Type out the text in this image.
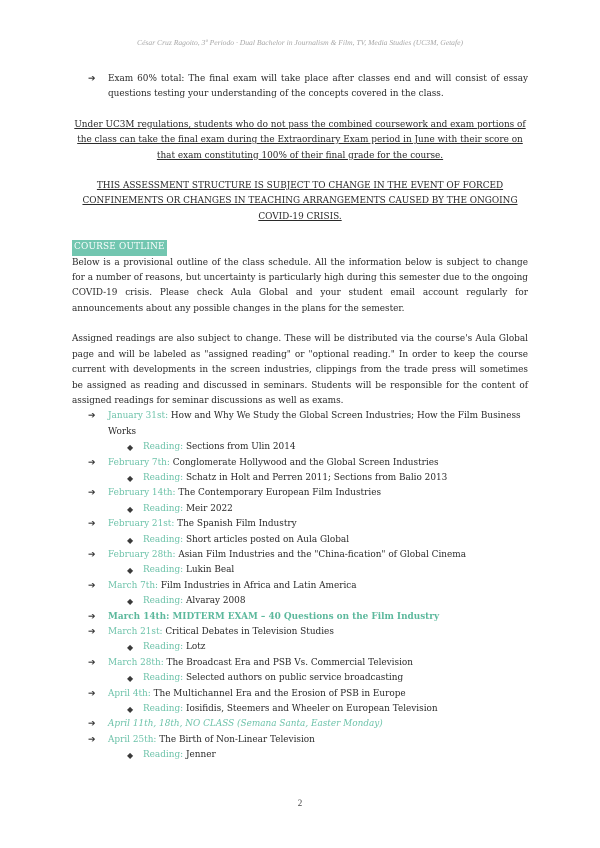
César Cruz Ragoito, 3º Periodo · Dual Bachelor in Journalism & Film, TV, Media Studies (UC3M, Getafe)
➔ Exam 60% total: The final exam will take place after classes end and will consist of essay questions testing your understanding of the concepts covered in the class.
Under UC3M regulations, students who do not pass the combined coursework and exam portions of the class can take the final exam during the Extraordinary Exam period in June with their score on that exam constituting 100% of their final grade for the course.
THIS ASSESSMENT STRUCTURE IS SUBJECT TO CHANGE IN THE EVENT OF FORCED CONFINEMENTS OR CHANGES IN TEACHING ARRANGEMENTS CAUSED BY THE ONGOING COVID-19 CRISIS.
COURSE OUTLINE
Below is a provisional outline of the class schedule. All the information below is subject to change for a number of reasons, but uncertainty is particularly high during this semester due to the ongoing COVID-19 crisis. Please check Aula Global and your student email account regularly for announcements about any possible changes in the plans for the semester.
Assigned readings are also subject to change. These will be distributed via the course's Aula Global page and will be labeled as "assigned reading" or "optional reading." In order to keep the course current with developments in the screen industries, clippings from the trade press will sometimes be assigned as reading and discussed in seminars. Students will be responsible for the content of assigned readings for seminar discussions as well as exams.
➔ January 31st: How and Why We Study the Global Screen Industries; How the Film Business Works
◆ Reading: Sections from Ulin 2014
➔ February 7th: Conglomerate Hollywood and the Global Screen Industries
◆ Reading: Schatz in Holt and Perren 2011; Sections from Balio 2013
➔ February 14th: The Contemporary European Film Industries
◆ Reading: Meir 2022
➔ February 21st: The Spanish Film Industry
◆ Reading: Short articles posted on Aula Global
➔ February 28th: Asian Film Industries and the "China-fication" of Global Cinema
◆ Reading: Lukin Beal
➔ March 7th: Film Industries in Africa and Latin America
◆ Reading: Alvaray 2008
➔ March 14th: MIDTERM EXAM – 40 Questions on the Film Industry
➔ March 21st: Critical Debates in Television Studies
◆ Reading: Lotz
➔ March 28th: The Broadcast Era and PSB Vs. Commercial Television
◆ Reading: Selected authors on public service broadcasting
➔ April 4th: The Multichannel Era and the Erosion of PSB in Europe
◆ Reading: Iosifidis, Steemers and Wheeler on European Television
➔ April 11th, 18th, NO CLASS (Semana Santa, Easter Monday)
➔ April 25th: The Birth of Non-Linear Television
◆ Reading: Jenner
2
